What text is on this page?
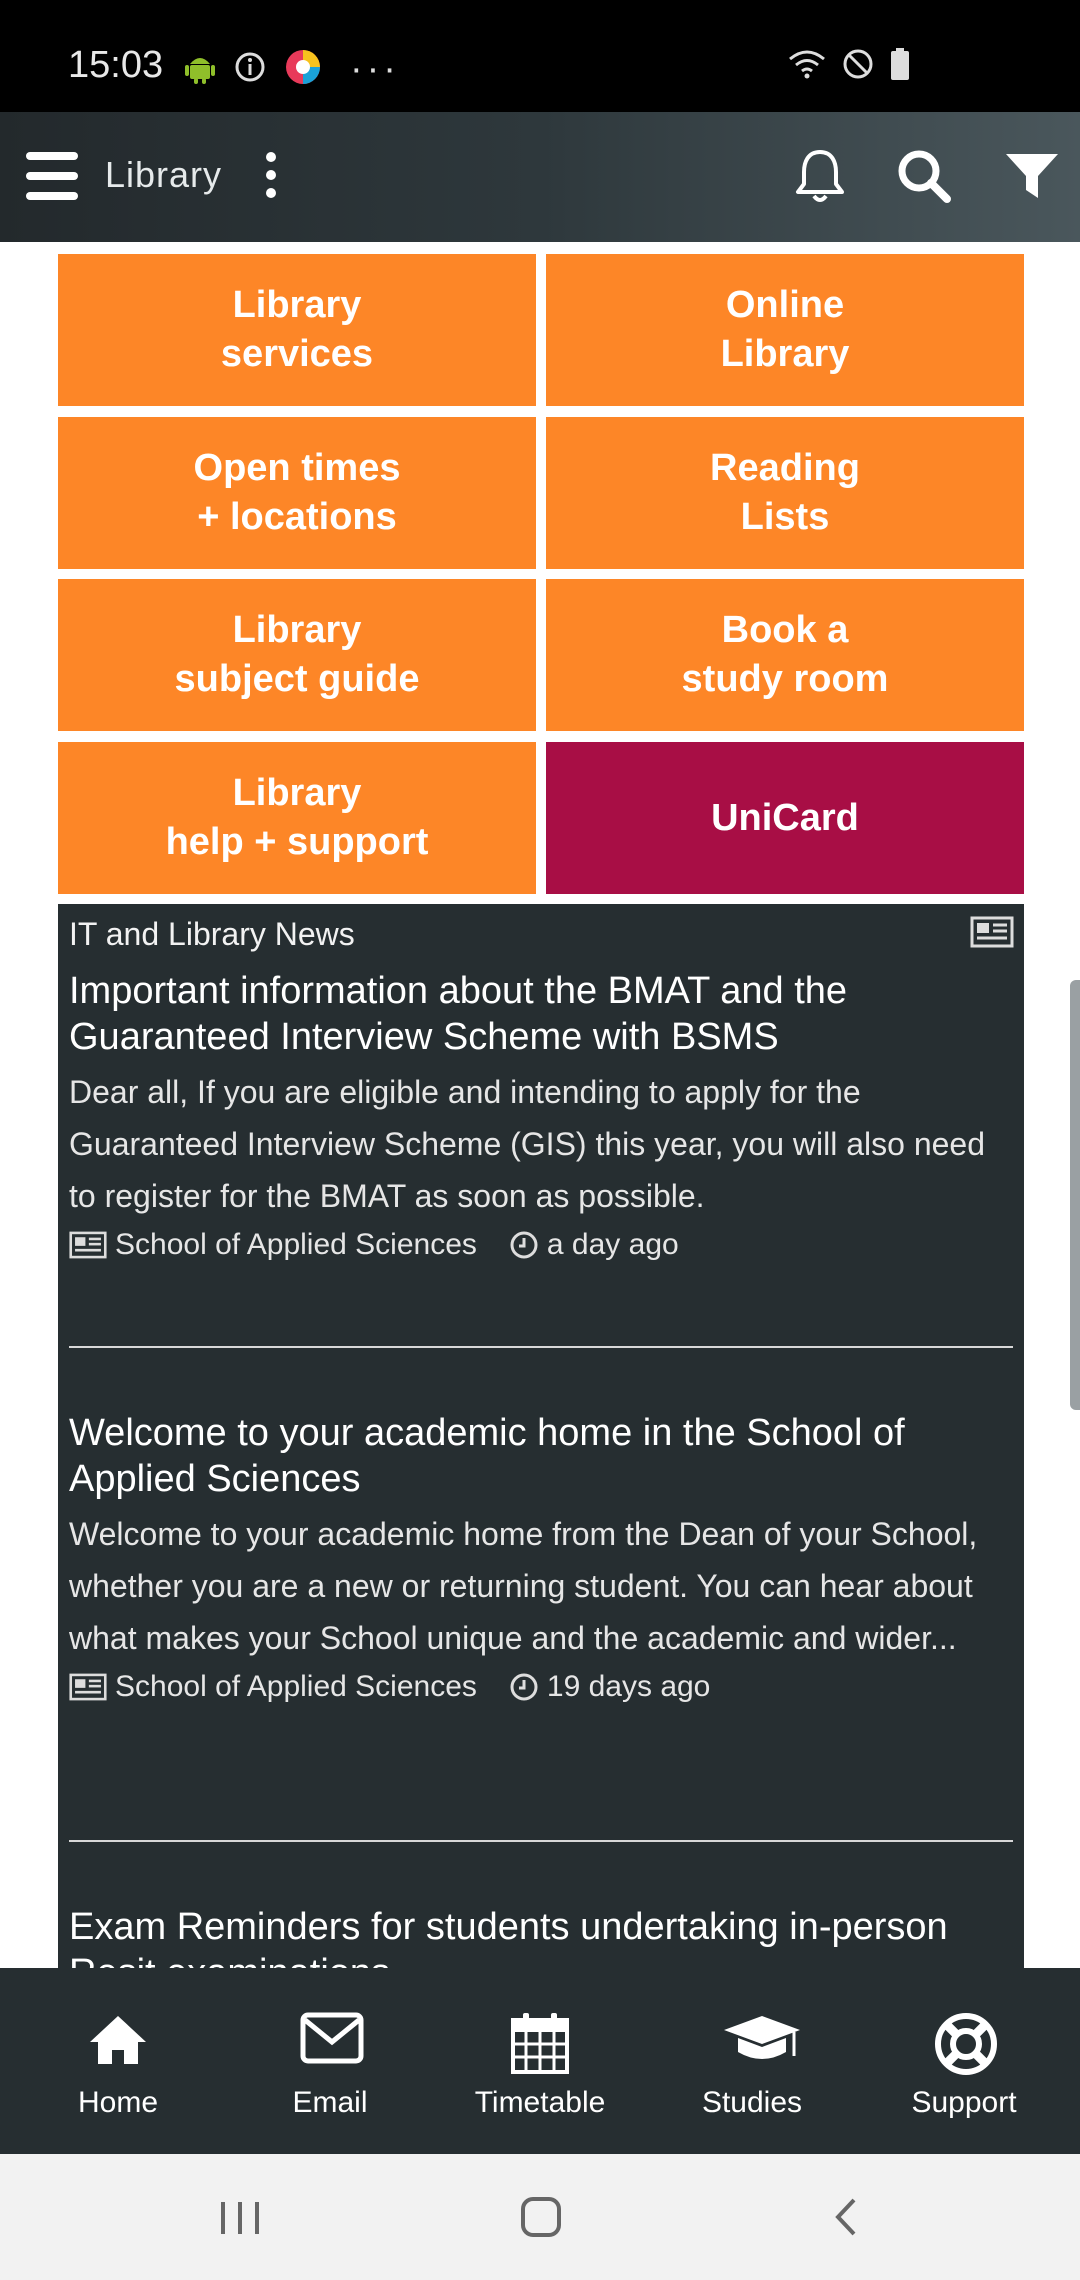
15:03	···
Library
Library
services
Online
Library
Open times
+ locations
Reading
Lists
Library
subject guide
Book a
study room
Library
help + support
UniCard
IT and Library News
Important information about the BMAT and the Guaranteed Interview Scheme with BSMS
Dear all, If you are eligible and intending to apply for the Guaranteed Interview Scheme (GIS) this year, you will also need to register for the BMAT as soon as possible.
School of Applied Sciences a day ago
Welcome to your academic home in the School of Applied Sciences
Welcome to your academic home from the Dean of your School, whether you are a new or returning student. You can hear about what makes your School unique and the academic and wider...
School of Applied Sciences 19 days ago
Exam Reminders for students undertaking in-person
Home	Email	Timetable	Studies	Support
